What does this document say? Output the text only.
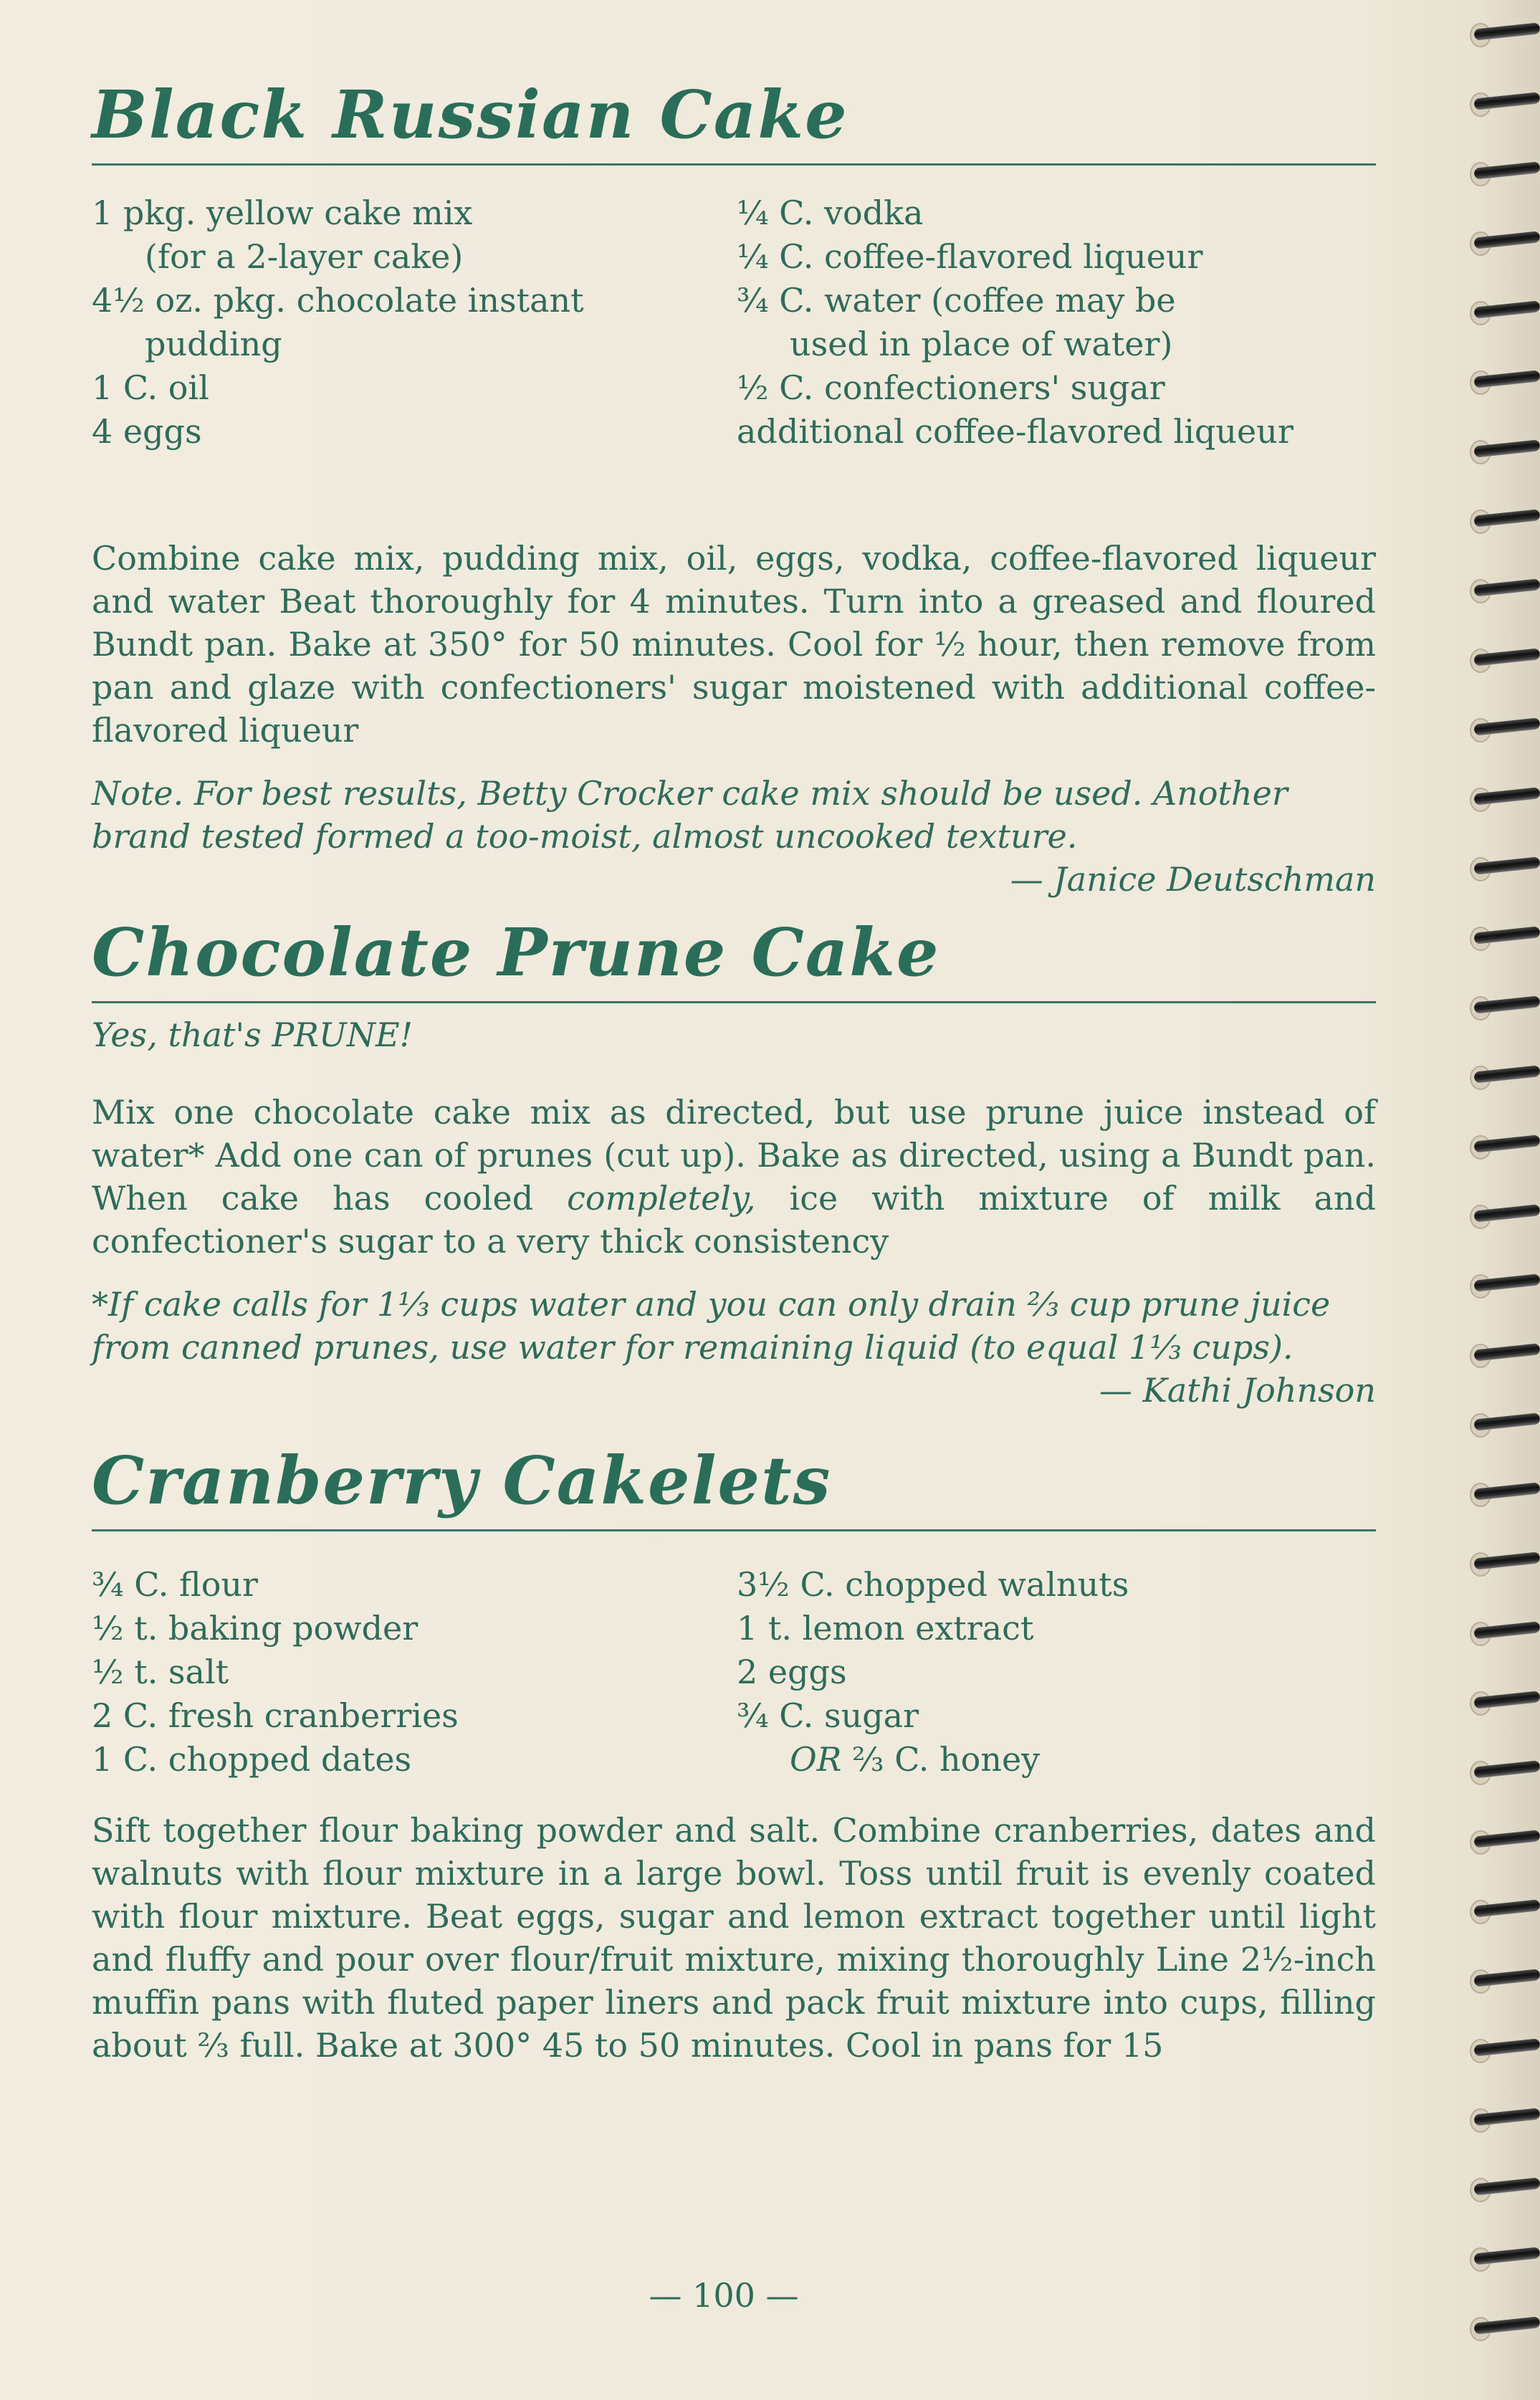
Black Russian Cake
1 pkg. yellow cake mix
(for a 2-layer cake)
4½ oz. pkg. chocolate instant
pudding
1 C. oil
4 eggs
¼ C. vodka
¼ C. coffee-flavored liqueur
¾ C. water (coffee may be
used in place of water)
½ C. confectioners' sugar
additional coffee-flavored liqueur

Combine cake mix, pudding mix, oil, eggs, vodka, coffee-flavored liqueur and water Beat thoroughly for 4 minutes. Turn into a greased and floured Bundt pan. Bake at 350° for 50 minutes. Cool for ½ hour, then remove from pan and glaze with confectioners' sugar moistened with additional coffee-flavored liqueur

Note. For best results, Betty Crocker cake mix should be used. Another brand tested formed a too-moist, almost uncooked texture.

— Janice Deutschman
Chocolate Prune Cake
Yes, that's PRUNE!

Mix one chocolate cake mix as directed, but use prune juice instead of water* Add one can of prunes (cut up). Bake as directed, using a Bundt pan. When cake has cooled completely, ice with mixture of milk and confectioner's sugar to a very thick consistency

*If cake calls for 1⅓ cups water and you can only drain ⅔ cup prune juice from canned prunes, use water for remaining liquid (to equal 1⅓ cups).

— Kathi Johnson
Cranberry Cakelets
¾ C. flour
½ t. baking powder
½ t. salt
2 C. fresh cranberries
1 C. chopped dates
3½ C. chopped walnuts
1 t. lemon extract
2 eggs
¾ C. sugar
OR ⅔ C. honey

Sift together flour baking powder and salt. Combine cranberries, dates and walnuts with flour mixture in a large bowl. Toss until fruit is evenly coated with flour mixture. Beat eggs, sugar and lemon extract together until light and fluffy and pour over flour/fruit mixture, mixing thoroughly Line 2½-inch muffin pans with fluted paper liners and pack fruit mixture into cups, filling about ⅔ full. Bake at 300° 45 to 50 minutes. Cool in pans for 15

— 100 —
